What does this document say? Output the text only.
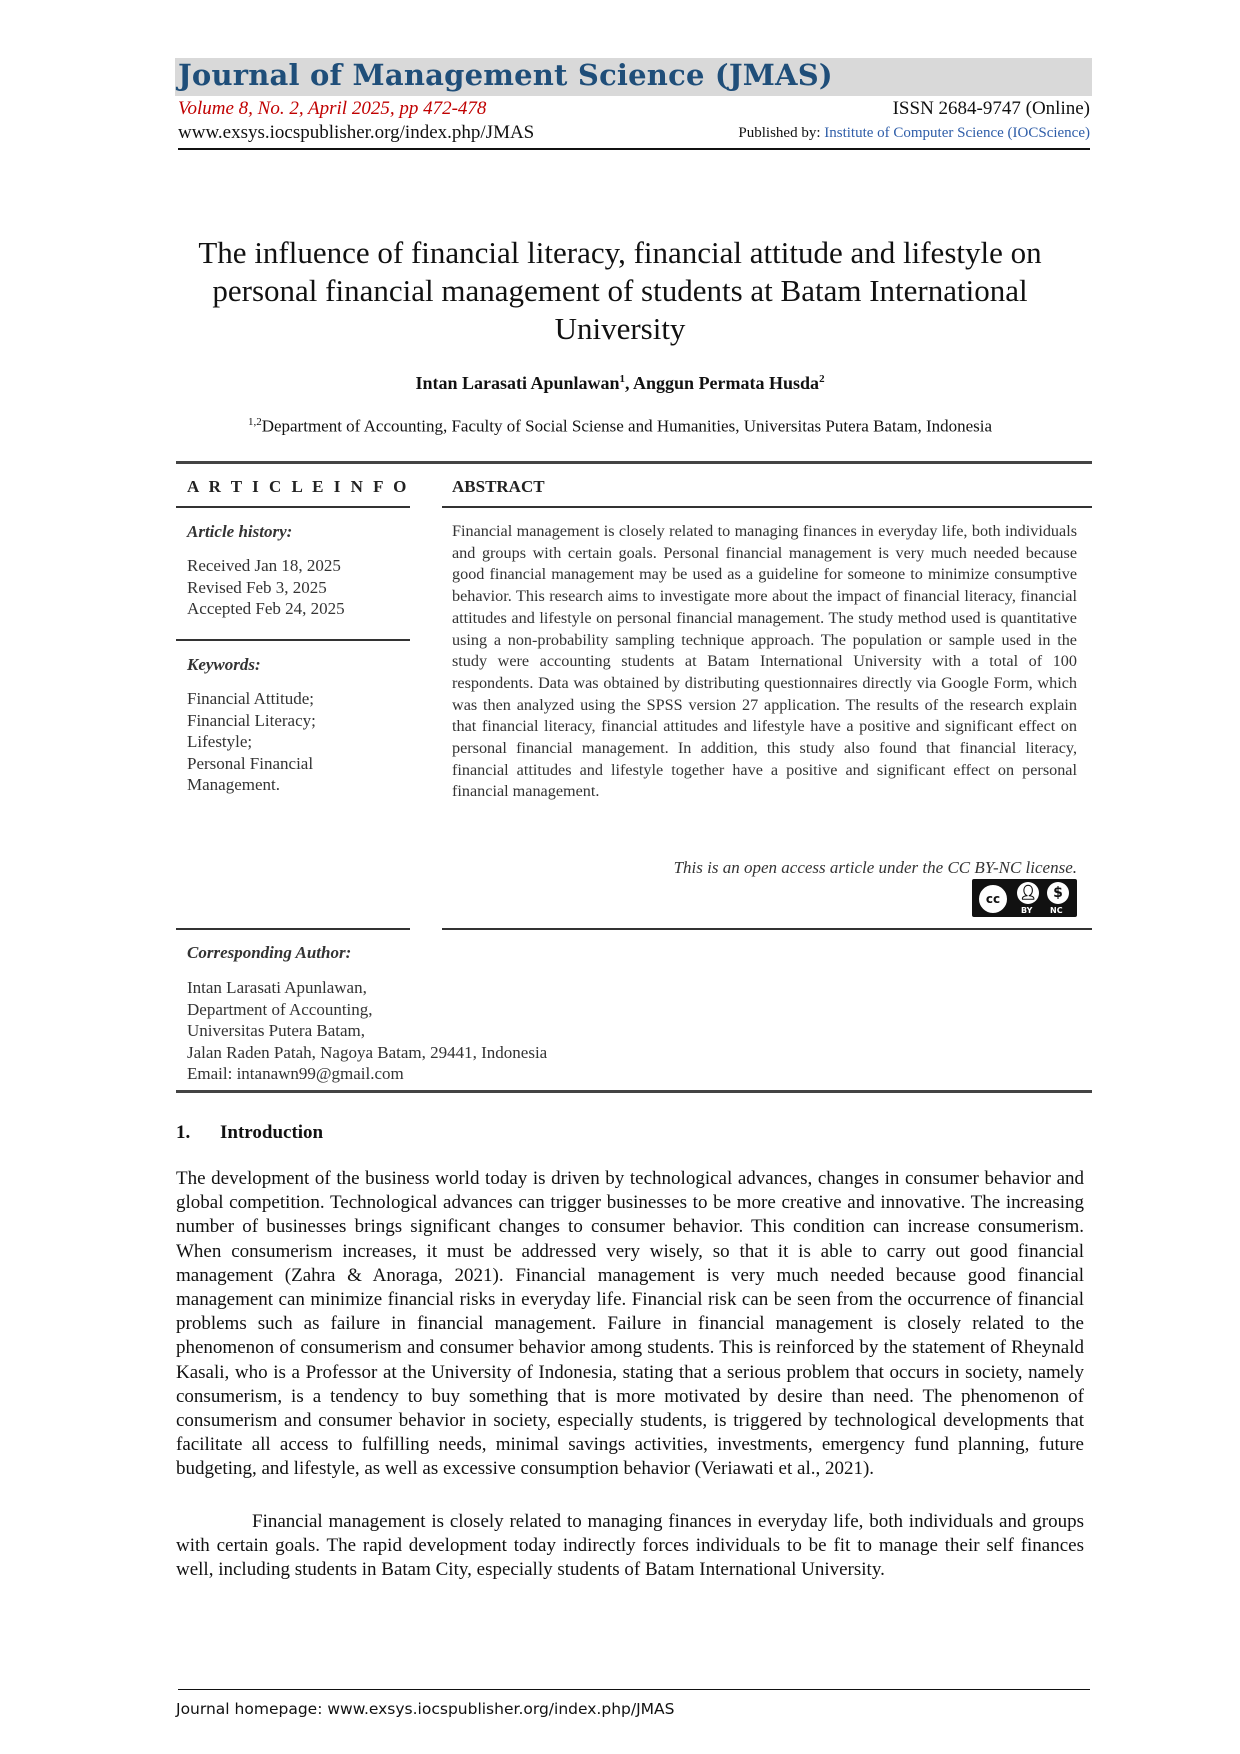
Journal of Management Science (JMAS)
Volume 8, No. 2, April 2025, pp 472-478	ISSN 2684-9747 (Online)
www.exsys.iocspublisher.org/index.php/JMAS	Published by: Institute of Computer Science (IOCScience)
The influence of financial literacy, financial attitude and lifestyle on
personal financial management of students at Batam International
University
Intan Larasati Apunlawan$^1$, Anggun Permata Husda$^2$
$^{1,2}$Department of Accounting, Faculty of Social Sciense and Humanities, Universitas Putera Batam, Indonesia
A R T I C L E I N F O
Article history:
Received Jan 18, 2025
Revised Feb 3, 2025
Accepted Feb 24, 2025
Keywords:
Financial Attitude;
Financial Literacy;
Lifestyle;
Personal Financial
Management.
ABSTRACT
Financial management is closely related to managing finances in everyday life, both individuals and groups with certain goals. Personal financial management is very much needed because good financial management may be used as a guideline for someone to minimize consumptive behavior. This research aims to investigate more about the impact of financial literacy, financial attitudes and lifestyle on personal financial management. The study method used is quantitative using a non-probability sampling technique approach. The population or sample used in the study were accounting students at Batam International University with a total of 100 respondents. Data was obtained by distributing questionnaires directly via Google Form, which was then analyzed using the SPSS version 27 application. The results of the research explain that financial literacy, financial attitudes and lifestyle have a positive and significant effect on personal financial management. In addition, this study also found that financial literacy, financial attitudes and lifestyle together have a positive and significant effect on personal financial management.
This is an open access article under the CC BY-NC license.
cc	👤︎	$
BY NC
Corresponding Author:
Intan Larasati Apunlawan,
Department of Accounting,
Universitas Putera Batam,
Jalan Raden Patah, Nagoya Batam, 29441, Indonesia
Email: intanawn99@gmail.com
1. Introduction

The development of the business world today is driven by technological advances, changes in consumer behavior and global competition. Technological advances can trigger businesses to be more creative and innovative. The increasing number of businesses brings significant changes to consumer behavior. This condition can increase consumerism. When consumerism increases, it must be addressed very wisely, so that it is able to carry out good financial management (Zahra & Anoraga, 2021). Financial management is very much needed because good financial management can minimize financial risks in everyday life. Financial risk can be seen from the occurrence of financial problems such as failure in financial management. Failure in financial management is closely related to the phenomenon of consumerism and consumer behavior among students. This is reinforced by the statement of Rheynald Kasali, who is a Professor at the University of Indonesia, stating that a serious problem that occurs in society, namely consumerism, is a tendency to buy something that is more motivated by desire than need. The phenomenon of consumerism and consumer behavior in society, especially students, is triggered by technological developments that facilitate all access to fulfilling needs, minimal savings activities, investments, emergency fund planning, future budgeting, and lifestyle, as well as excessive consumption behavior (Veriawati et al., 2021).

Financial management is closely related to managing finances in everyday life, both individuals and groups with certain goals. The rapid development today indirectly forces individuals to be fit to manage their self finances well, including students in Batam City, especially students of Batam International University.

Journal homepage: www.exsys.iocspublisher.org/index.php/JMAS
